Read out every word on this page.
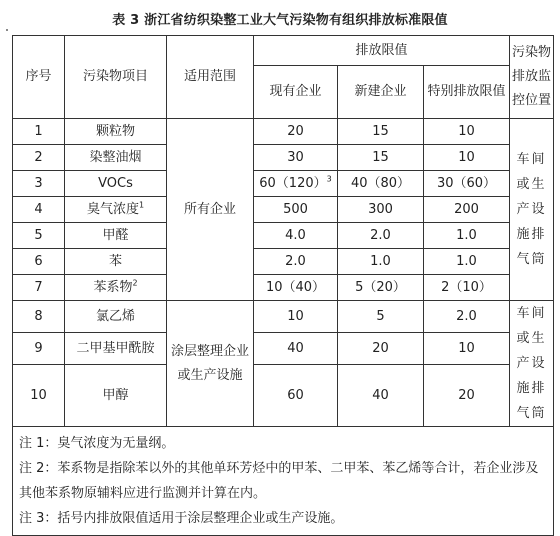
表 3 浙江省纺织染整工业大气污染物有组织排放标准限值
序号	污染物项目	适用范围	排放限值			污染物排放监控位置
			现有企业	新建企业	特别排放限值	
1	颗粒物	所有企业	20	15	10	车间或生产设施排气筒
2	染整油烟		30	15	10	
3	VOCs		$60(120)^3$	40（80）	30（60）	
4	臭气浓度$^1$		500	300	200	
5	甲醛		4.0	2.0	1.0	
6	苯		2.0	1.0	1.0	
7	苯系物$^2$		10（40）	5（20）	2（10）	
8	氯乙烯	涂层整理企业或生产设施	10	5	2.0	车间或生产设施排气筒
9	二甲基甲酰胺		40	20	10	
10	甲醇		60	40	20	

注 1：臭气浓度为无量纲。
注 2：苯系物是指除苯以外的其他单环芳烃中的甲苯、二甲苯、苯乙烯等合计，若企业涉及其他苯系物原辅料应进行监测并计算在内。
注 3：括号内排放限值适用于涂层整理企业或生产设施。						
